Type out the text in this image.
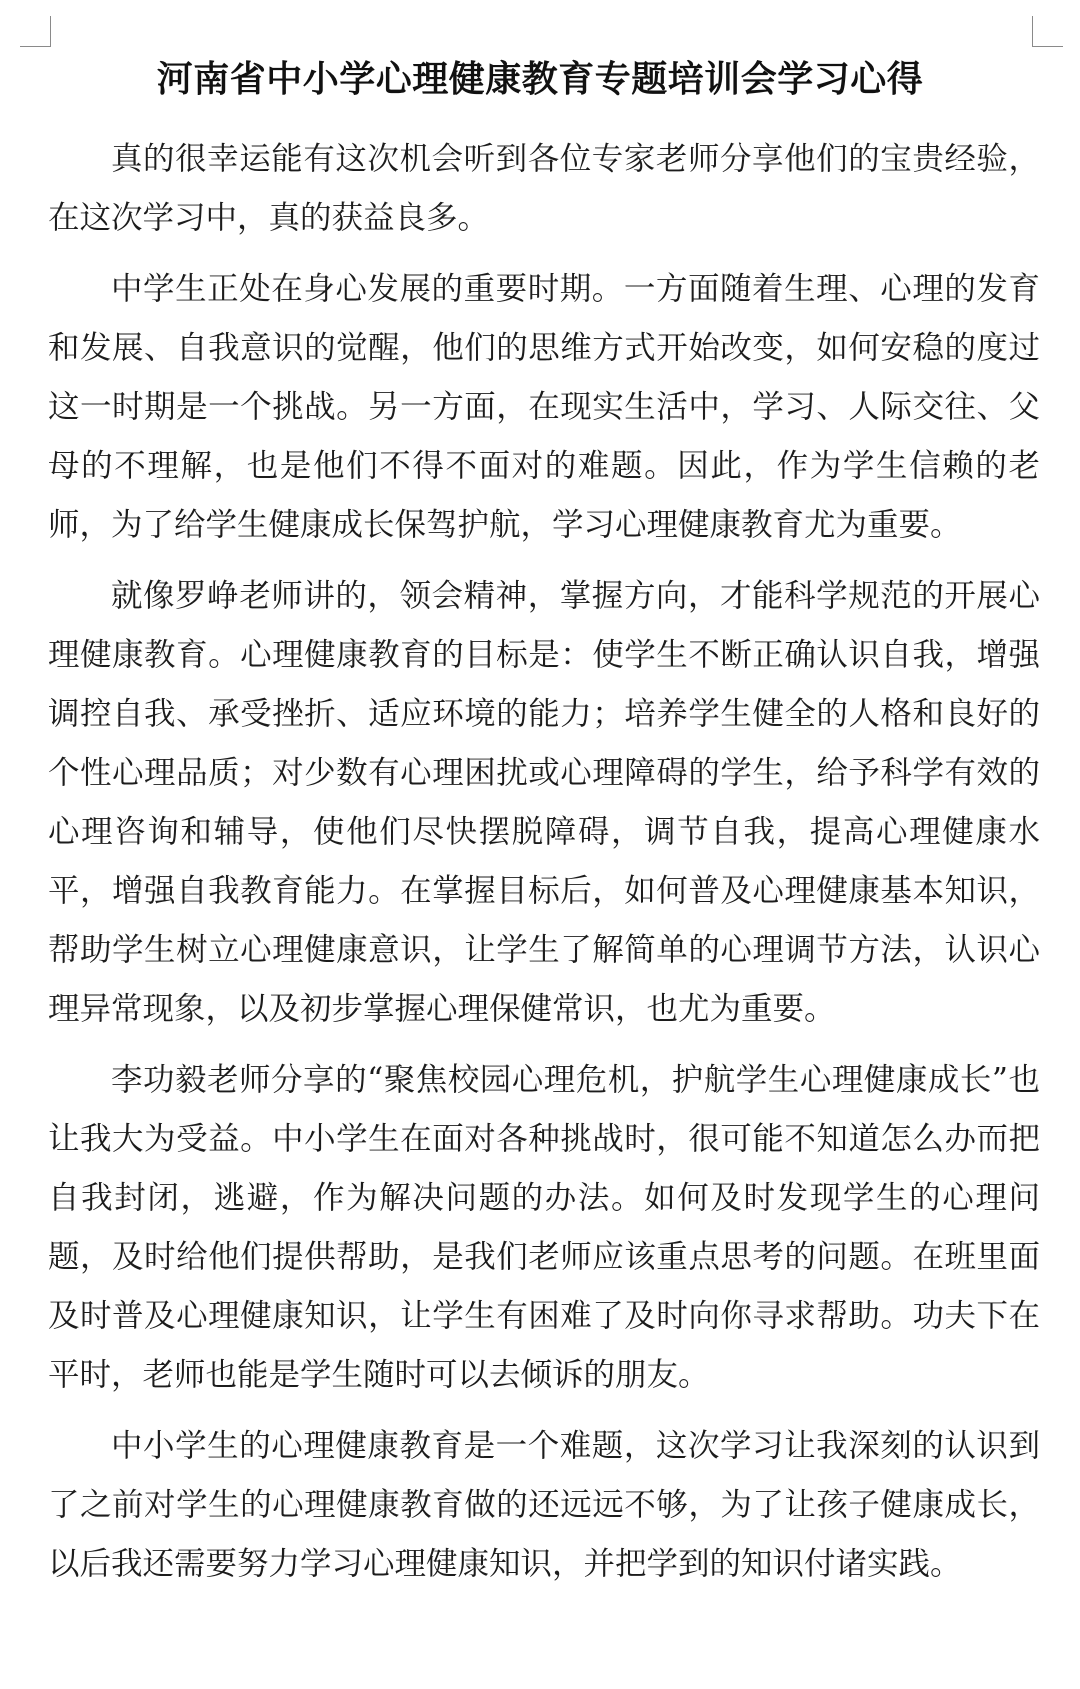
河南省中小学心理健康教育专题培训会学习心得

真的很幸运能有这次机会听到各位专家老师分享他们的宝贵经验，在这次学习中，真的获益良多。

中学生正处在身心发展的重要时期。一方面随着生理、心理的发育和发展、自我意识的觉醒，他们的思维方式开始改变，如何安稳的度过这一时期是一个挑战。另一方面，在现实生活中，学习、人际交往、父母的不理解，也是他们不得不面对的难题。因此，作为学生信赖的老师，为了给学生健康成长保驾护航，学习心理健康教育尤为重要。

就像罗峥老师讲的，领会精神，掌握方向，才能科学规范的开展心理健康教育。心理健康教育的目标是：使学生不断正确认识自我，增强调控自我、承受挫折、适应环境的能力；培养学生健全的人格和良好的个性心理品质；对少数有心理困扰或心理障碍的学生，给予科学有效的心理咨询和辅导，使他们尽快摆脱障碍，调节自我，提高心理健康水平，增强自我教育能力。在掌握目标后，如何普及心理健康基本知识，帮助学生树立心理健康意识，让学生了解简单的心理调节方法，认识心理异常现象，以及初步掌握心理保健常识，也尤为重要。

李功毅老师分享的“聚焦校园心理危机，护航学生心理健康成长”也让我大为受益。中小学生在面对各种挑战时，很可能不知道怎么办而把自我封闭，逃避，作为解决问题的办法。如何及时发现学生的心理问题，及时给他们提供帮助，是我们老师应该重点思考的问题。在班里面及时普及心理健康知识，让学生有困难了及时向你寻求帮助。功夫下在平时，老师也能是学生随时可以去倾诉的朋友。

中小学生的心理健康教育是一个难题，这次学习让我深刻的认识到了之前对学生的心理健康教育做的还远远不够，为了让孩子健康成长，以后我还需要努力学习心理健康知识，并把学到的知识付诸实践。
